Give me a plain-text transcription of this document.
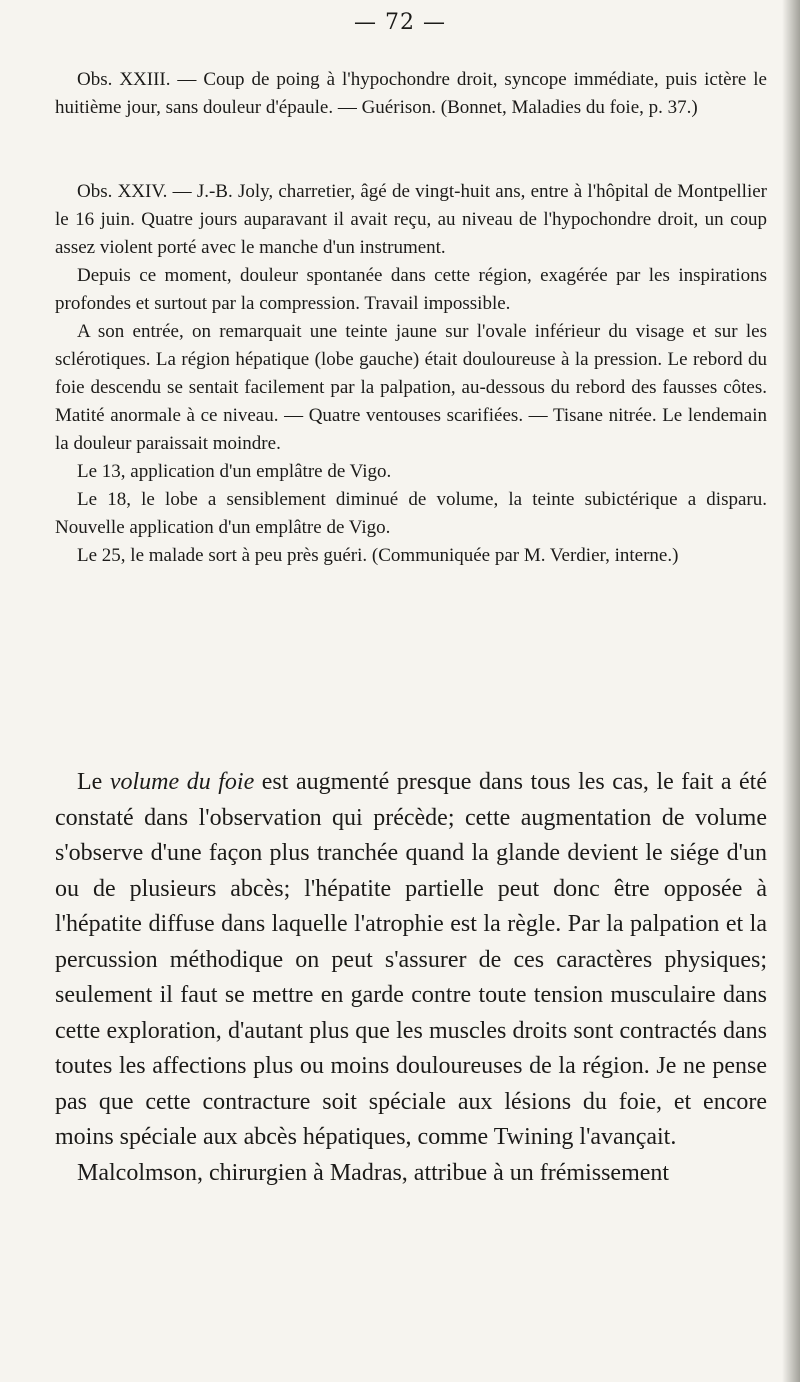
— 72 —

Obs. XXIII. — Coup de poing à l'hypochondre droit, syncope immédiate, puis ictère le huitième jour, sans douleur d'épaule. — Guérison. (Bonnet, Maladies du foie, p. 37.)

Obs. XXIV. — J.-B. Joly, charretier, âgé de vingt-huit ans, entre à l'hôpital de Montpellier le 16 juin. Quatre jours auparavant il avait reçu, au niveau de l'hypochondre droit, un coup assez violent porté avec le manche d'un instrument.

Depuis ce moment, douleur spontanée dans cette région, exagérée par les inspirations profondes et surtout par la compression. Travail impossible.

A son entrée, on remarquait une teinte jaune sur l'ovale inférieur du visage et sur les sclérotiques. La région hépatique (lobe gauche) était douloureuse à la pression. Le rebord du foie descendu se sentait facilement par la palpation, au-dessous du rebord des fausses côtes. Matité anormale à ce niveau. — Quatre ventouses scarifiées. — Tisane nitrée. Le lendemain la douleur paraissait moindre.

Le 13, application d'un emplâtre de Vigo.

Le 18, le lobe a sensiblement diminué de volume, la teinte subictérique a disparu. Nouvelle application d'un emplâtre de Vigo.

Le 25, le malade sort à peu près guéri. (Communiquée par M. Verdier, interne.)

Le volume du foie est augmenté presque dans tous les cas, le fait a été constaté dans l'observation qui précède; cette augmentation de volume s'observe d'une façon plus tranchée quand la glande devient le siége d'un ou de plusieurs abcès; l'hépatite partielle peut donc être opposée à l'hépatite diffuse dans laquelle l'atrophie est la règle. Par la palpation et la percussion méthodique on peut s'assurer de ces caractères physiques; seulement il faut se mettre en garde contre toute tension musculaire dans cette exploration, d'autant plus que les muscles droits sont contractés dans toutes les affections plus ou moins douloureuses de la région. Je ne pense pas que cette contracture soit spéciale aux lésions du foie, et encore moins spéciale aux abcès hépatiques, comme Twining l'avançait.

Malcolmson, chirurgien à Madras, attribue à un frémissement
